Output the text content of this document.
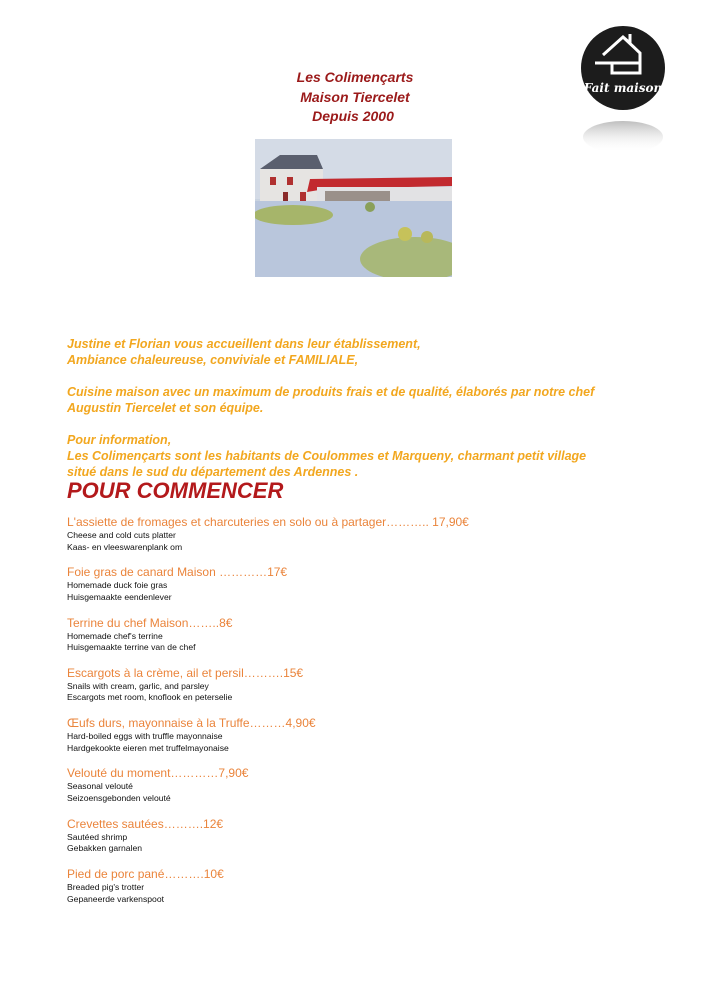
Les Colimençarts
Maison Tiercelet
Depuis 2000
Fait maison

Justine et Florian vous accueillent dans leur établissement,
Ambiance chaleureuse, conviviale et FAMILIALE,

Cuisine maison avec un maximum de produits frais et de qualité, élaborés par notre chef
Augustin Tiercelet et son équipe.

Pour information,
Les Colimençarts sont les habitants de Coulommes et Marqueny, charmant petit village
situé dans le sud du département des Ardennes .

POUR COMMENCER
L'assiette de fromages et charcuteries en solo ou à partager……….. 17,90€
Cheese and cold cuts platter
Kaas- en vleeswarenplank om
Foie gras de canard Maison …………17€
Homemade duck foie gras
Huisgemaakte eendenlever
Terrine du chef Maison……..8€
Homemade chef's terrine
Huisgemaakte terrine van de chef
Escargots à la crème, ail et persil……….15€
Snails with cream, garlic, and parsley
Escargots met room, knoflook en peterselie
Œufs durs, mayonnaise à la Truffe………4,90€
Hard-boiled eggs with truffle mayonnaise
Hardgekookte eieren met truffelmayonaise
Velouté du moment…………7,90€
Seasonal velouté
Seizoensgebonden velouté
Crevettes sautées……….12€
Sautéed shrimp
Gebakken garnalen
Pied de porc pané……….10€
Breaded pig's trotter
Gepaneerde varkenspoot
